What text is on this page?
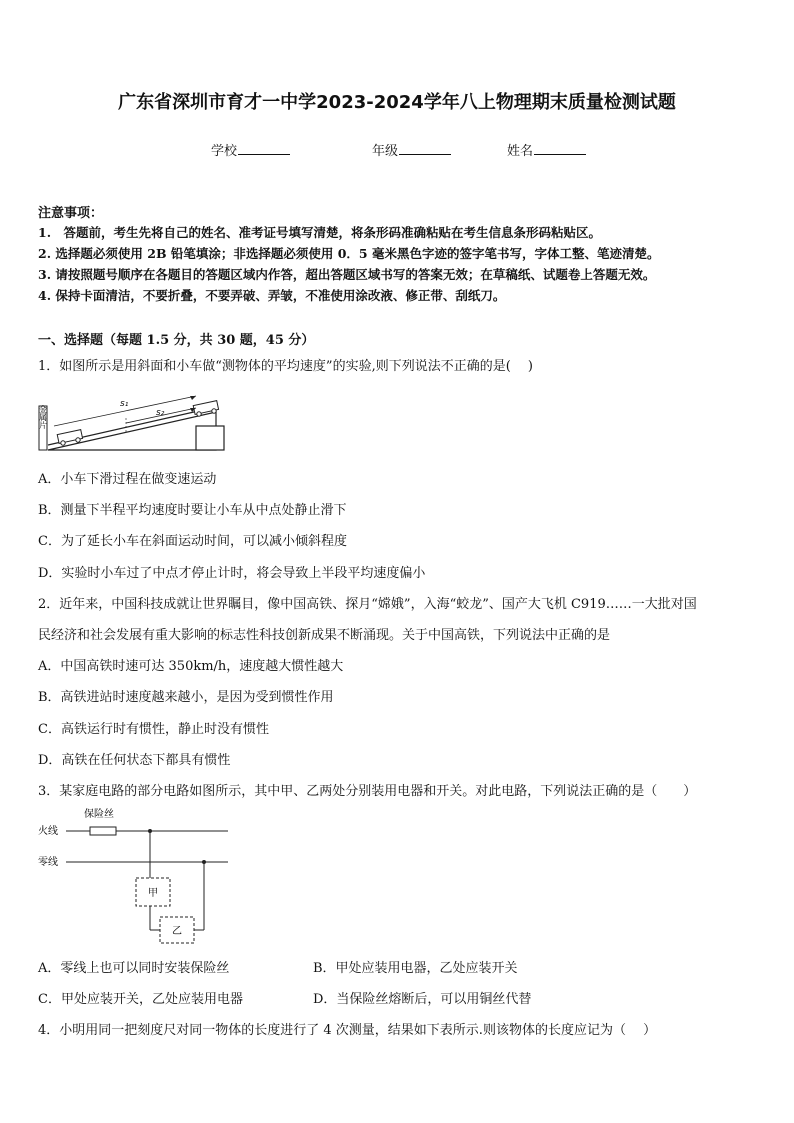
广东省深圳市育才一中学2023-2024学年八上物理期末质量检测试题
学校	年级	姓名
注意事项：
1.　答题前，考生先将自己的姓名、准考证号填写清楚，将条形码准确粘贴在考生信息条形码粘贴区。
2. 选择题必须使用 2B 铅笔填涂；非选择题必须使用 0．5 毫米黑色字迹的签字笔书写，字体工整、笔迹清楚。
3. 请按照题号顺序在各题目的答题区域内作答，超出答题区域书写的答案无效；在草稿纸、试题卷上答题无效。
4. 保持卡面清洁，不要折叠，不要弄破、弄皱，不准使用涂改液、修正带、刮纸刀。
一、选择题（每题 1.5 分，共 30 题，45 分）
1．如图所示是用斜面和小车做“测物体的平均速度”的实验,则下列说法不正确的是(　 )
金属片
s₁
s₂
A．小车下滑过程在做变速运动
B．测量下半程平均速度时要让小车从中点处静止滑下
C．为了延长小车在斜面运动时间，可以减小倾斜程度
D．实验时小车过了中点才停止计时，将会导致上半段平均速度偏小
2．近年来，中国科技成就让世界瞩目，像中国高铁、探月“嫦娥”，入海“蛟龙”、国产大飞机 C919……一大批对国
民经济和社会发展有重大影响的标志性科技创新成果不断涌现。关于中国高铁，下列说法中正确的是
A．中国高铁时速可达 350km/h，速度越大惯性越大
B．高铁进站时速度越来越小，是因为受到惯性作用
C．高铁运行时有惯性，静止时没有惯性
D．高铁在任何状态下都具有惯性
3．某家庭电路的部分电路如图所示，其中甲、乙两处分别装用电器和开关。对此电路，下列说法正确的是（　　）
保险丝
火线
零线
甲
乙
A．零线上也可以同时安装保险丝	B．甲处应装用电器，乙处应装开关
C．甲处应装开关，乙处应装用电器	D．当保险丝熔断后，可以用铜丝代替
4．小明用同一把刻度尺对同一物体的长度进行了 4 次测量，结果如下表所示.则该物体的长度应记为（　 ）
